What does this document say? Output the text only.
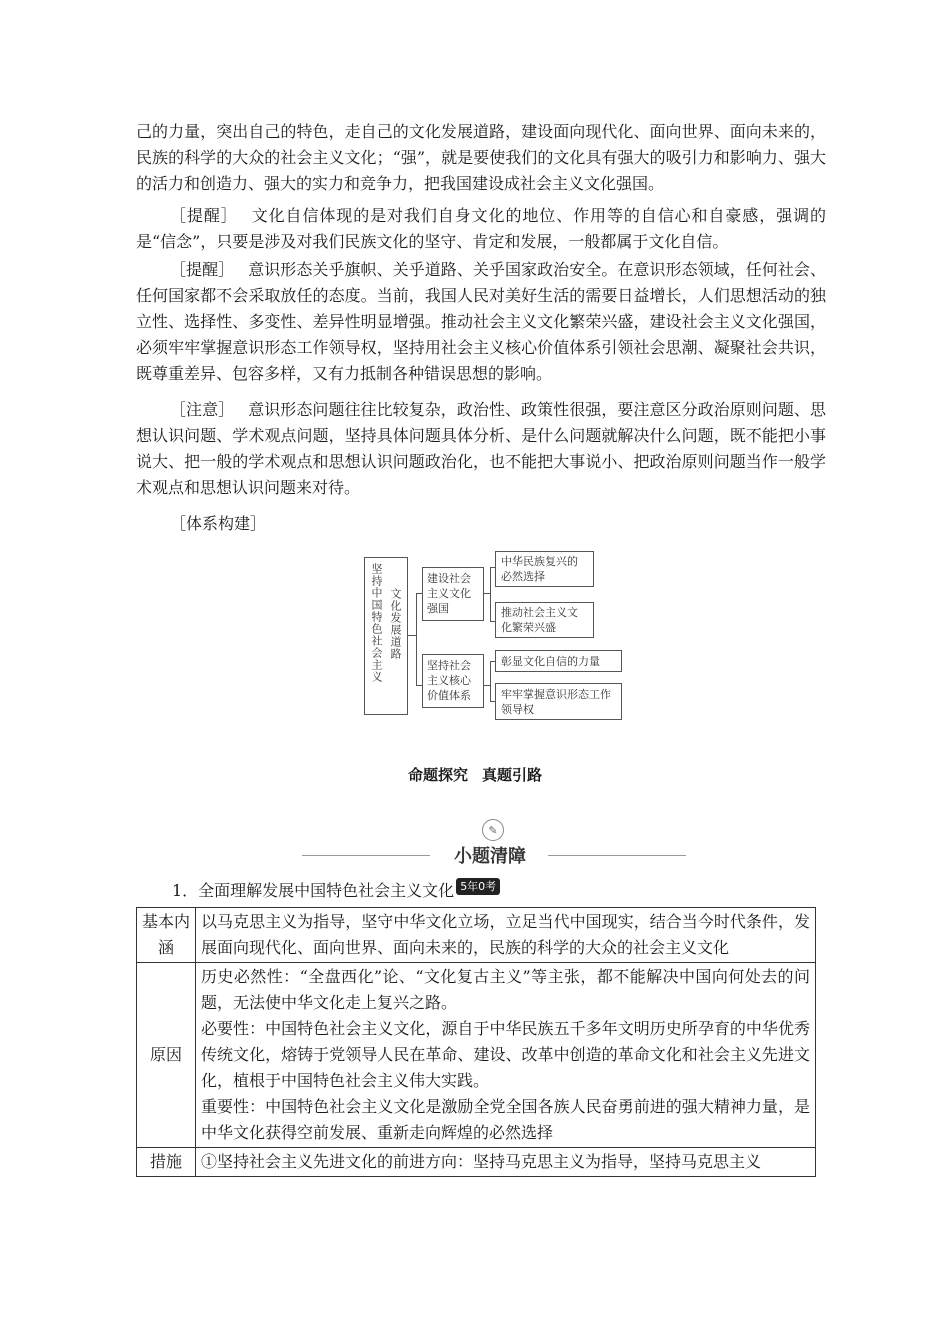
己的力量，突出自己的特色，走自己的文化发展道路，建设面向现代化、面向世界、面向未来的，民族的科学的大众的社会主义文化；“强”，就是要使我们的文化具有强大的吸引力和影响力、强大的活力和创造力、强大的实力和竞争力，把我国建设成社会主义文化强国。

［提醒］ 文化自信体现的是对我们自身文化的地位、作用等的自信心和自豪感，强调的是“信念”，只要是涉及对我们民族文化的坚守、肯定和发展，一般都属于文化自信。

［提醒］ 意识形态关乎旗帜、关乎道路、关乎国家政治安全。在意识形态领域，任何社会、任何国家都不会采取放任的态度。当前，我国人民对美好生活的需要日益增长，人们思想活动的独立性、选择性、多变性、差异性明显增强。推动社会主义文化繁荣兴盛，建设社会主义文化强国，必须牢牢掌握意识形态工作领导权，坚持用社会主义核心价值体系引领社会思潮、凝聚社会共识，既尊重差异、包容多样，又有力抵制各种错误思想的影响。

［注意］ 意识形态问题往往比较复杂，政治性、政策性很强，要注意区分政治原则问题、思想认识问题、学术观点问题，坚持具体问题具体分析、是什么问题就解决什么问题，既不能把小事说大、把一般的学术观点和思想认识问题政治化，也不能把大事说小、把政治原则问题当作一般学术观点和思想认识问题来对待。

［体系构建］

坚持中国特色社会主义 文化发展道路
建设社会主义文化强国
坚持社会主义核心价值体系
中华民族复兴的必然选择
推动社会主义文化繁荣兴盛
彰显文化自信的力量
牢牢掌握意识形态工作领导权

命题探究 真题引路

✎
小题清障

1．全面理解发展中国特色社会主义文化 5年0考

基本内涵	以马克思主义为指导，坚守中华文化立场，立足当代中国现实，结合当今时代条件，发展面向现代化、面向世界、面向未来的，民族的科学的大众的社会主义文化

原因	历史必然性：“全盘西化”论、“文化复古主义”等主张，都不能解决中国向何处去的问题，无法使中华文化走上复兴之路。

必要性：中国特色社会主义文化，源自于中华民族五千多年文明历史所孕育的中华优秀传统文化，熔铸于党领导人民在革命、建设、改革中创造的革命文化和社会主义先进文化，植根于中国特色社会主义伟大实践。

重要性：中国特色社会主义文化是激励全党全国各族人民奋勇前进的强大精神力量，是中华文化获得空前发展、重新走向辉煌的必然选择

措施	①坚持社会主义先进文化的前进方向：坚持马克思主义为指导，坚持马克思主义
